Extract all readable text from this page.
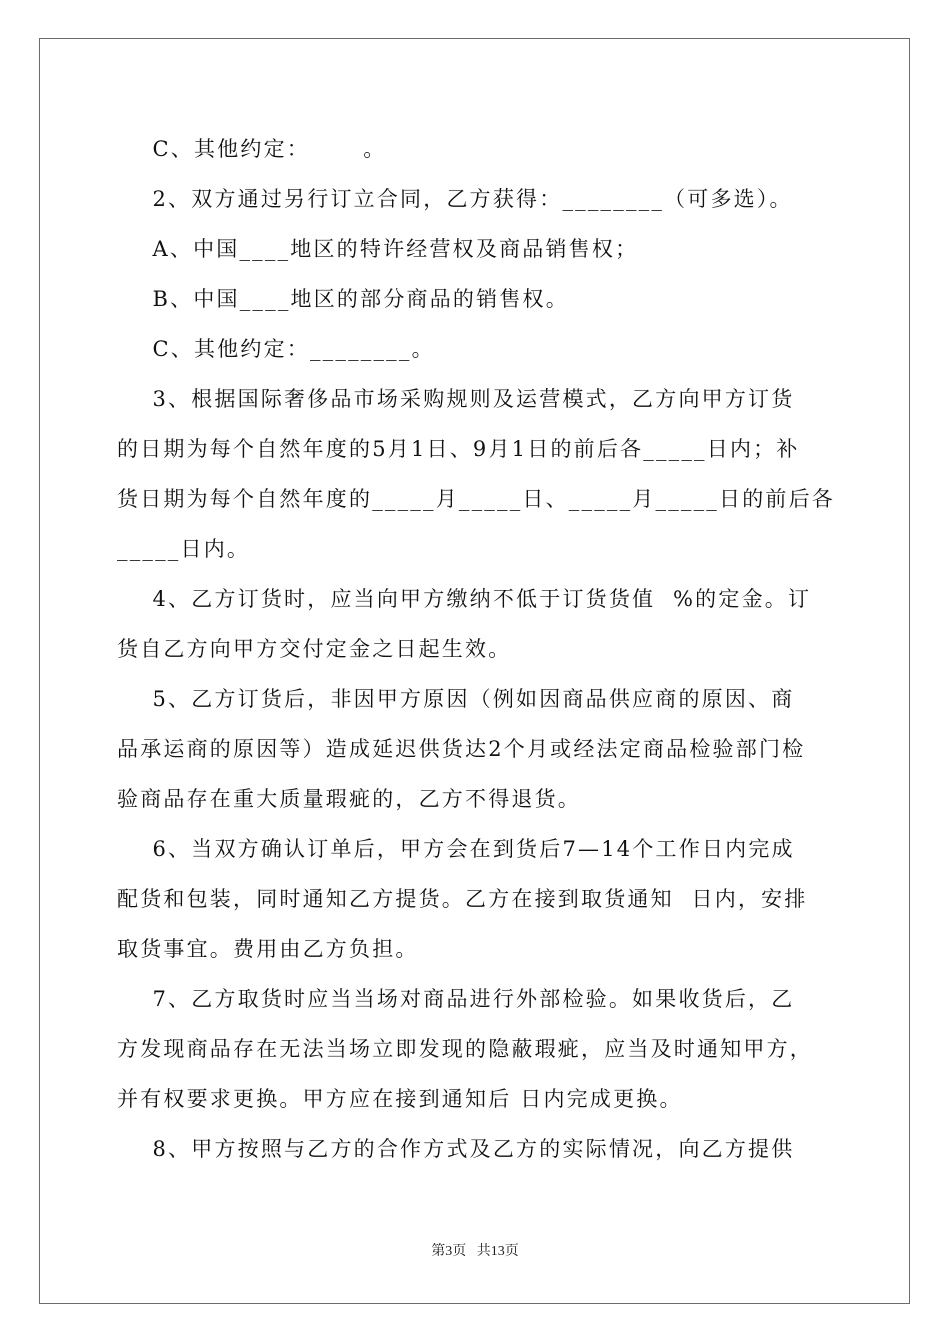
C、其他约定：      。
2、双方通过另行订立合同，乙方获得：________（可多选）。
A、中国____地区的特许经营权及商品销售权；
B、中国____地区的部分商品的销售权。
C、其他约定：________。
3、根据国际奢侈品市场采购规则及运营模式，乙方向甲方订货
的日期为每个自然年度的5月1日、9月1日的前后各_____日内；补
货日期为每个自然年度的_____月_____日、_____月_____日的前后各
_____日内。
4、乙方订货时，应当向甲方缴纳不低于订货货值  %的定金。订
货自乙方向甲方交付定金之日起生效。
5、乙方订货后，非因甲方原因（例如因商品供应商的原因、商
品承运商的原因等）造成延迟供货达2个月或经法定商品检验部门检
验商品存在重大质量瑕疵的，乙方不得退货。
6、当双方确认订单后，甲方会在到货后7—14个工作日内完成
配货和包装，同时通知乙方提货。乙方在接到取货通知  日内，安排
取货事宜。费用由乙方负担。
7、乙方取货时应当当场对商品进行外部检验。如果收货后，乙
方发现商品存在无法当场立即发现的隐蔽瑕疵，应当及时通知甲方，
并有权要求更换。甲方应在接到通知后 日内完成更换。
8、甲方按照与乙方的合作方式及乙方的实际情况，向乙方提供
第3页   共13页
